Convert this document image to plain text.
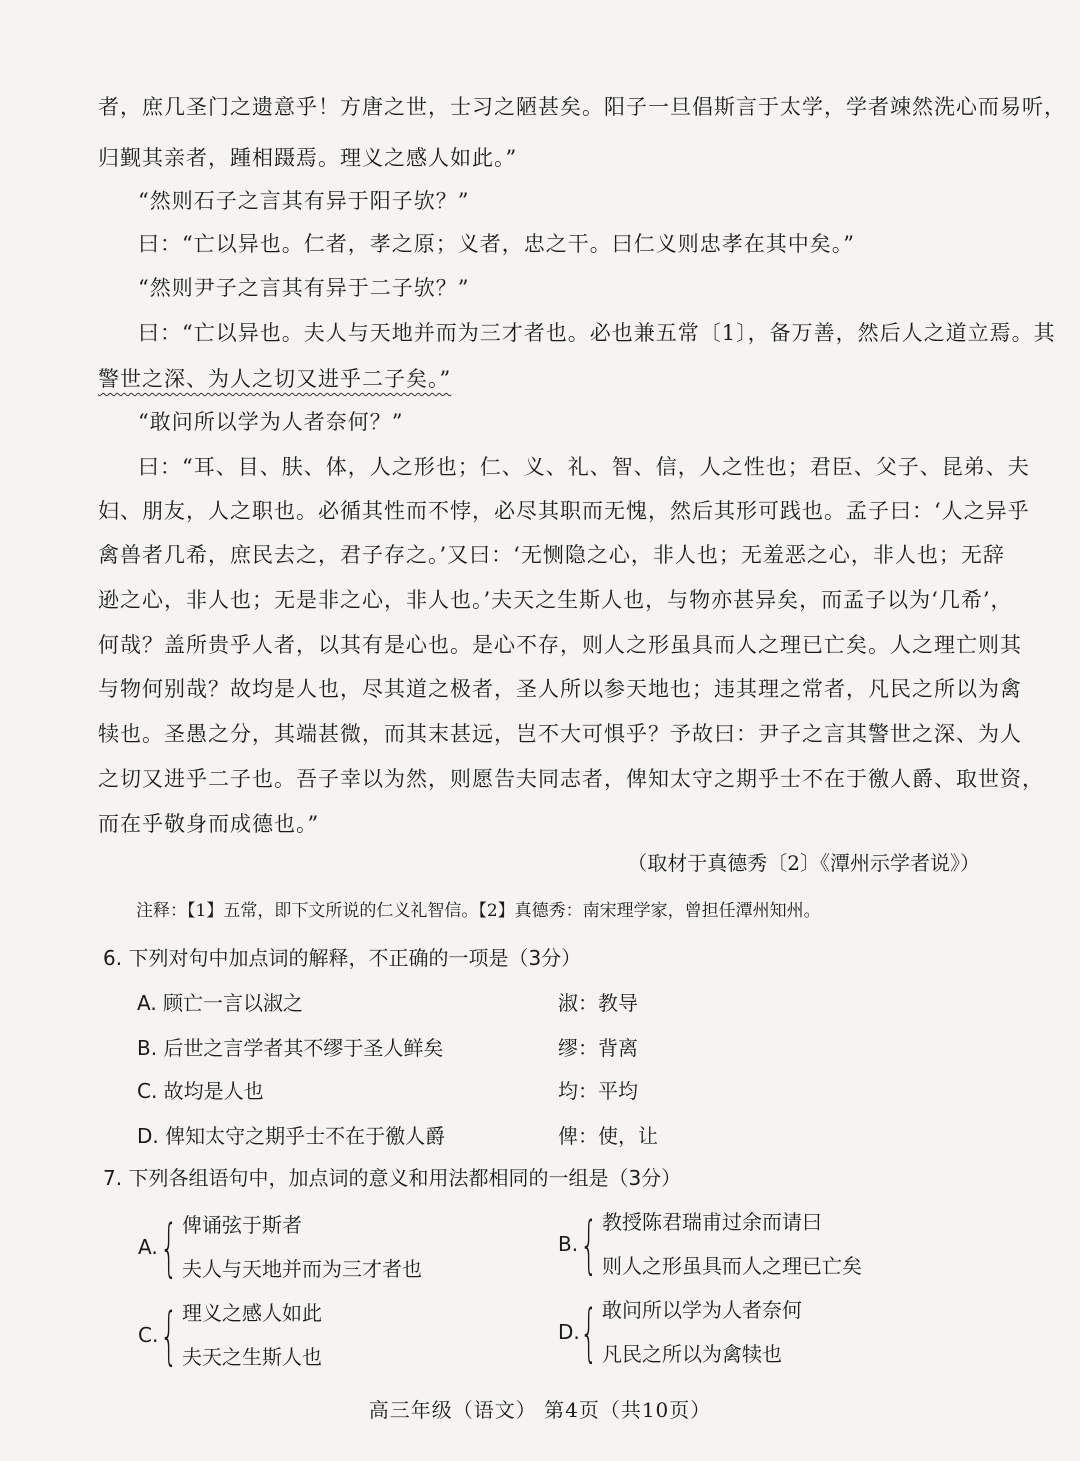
者，庶几圣门之遗意乎！方唐之世，士习之陋甚矣。阳子一旦倡斯言于太学，学者竦然洗心而易听，
归觐其亲者，踵相蹑焉。理义之感人如此。”
“然则石子之言其有异于阳子欤？”
曰：“亡以异也。仁者，孝之原；义者，忠之干。曰仁义则忠孝在其中矣。”
“然则尹子之言其有异于二子欤？”
曰：“亡以异也。夫人与天地并而为三才者也。必也兼五常〔1〕，备万善，然后人之道立焉。其
警世之深、为人之切又进乎二子矣。”
“敢问所以学为人者奈何？”
曰：“耳、目、肤、体，人之形也；仁、义、礼、智、信，人之性也；君臣、父子、昆弟、夫
妇、朋友，人之职也。必循其性而不悖，必尽其职而无愧，然后其形可践也。孟子曰：‘人之异乎
禽兽者几希，庶民去之，君子存之。’又曰：‘无恻隐之心，非人也；无羞恶之心，非人也；无辞
逊之心，非人也；无是非之心，非人也。’夫天之生斯人也，与物亦甚异矣，而孟子以为‘几希’，
何哉？盖所贵乎人者，以其有是心也。是心不存，则人之形虽具而人之理已亡矣。人之理亡则其
与物何别哉？故均是人也，尽其道之极者，圣人所以参天地也；违其理之常者，凡民之所以为禽
犊也。圣愚之分，其端甚微，而其末甚远，岂不大可惧乎？予故曰：尹子之言其警世之深、为人
之切又进乎二子也。吾子幸以为然，则愿告夫同志者，俾知太守之期乎士不在于徼人爵、取世资，
而在乎敬身而成德也。”
（取材于真德秀〔2〕《潭州示学者说》）
注释：【1】五常，即下文所说的仁义礼智信。【2】真德秀：南宋理学家，曾担任潭州知州。
6. 下列对句中加点词的解释，不正确的一项是（3分）
A. 顾亡一言以淑之	淑：教导
B. 后世之言学者其不缪于圣人鲜矣	缪：背离
C. 故均是人也	均：平均
D. 俾知太守之期乎士不在于徼人爵	俾：使，让
7. 下列各组语句中，加点词的意义和用法都相同的一组是（3分）
A. { 俾诵弦于斯者
夫人与天地并而为三才者也
B. { 教授陈君瑞甫过余而请曰
则人之形虽具而人之理已亡矣
C. { 理义之感人如此
夫天之生斯人也
D. { 敢问所以学为人者奈何
凡民之所以为禽犊也
高三年级（语文） 第4页（共10页）
